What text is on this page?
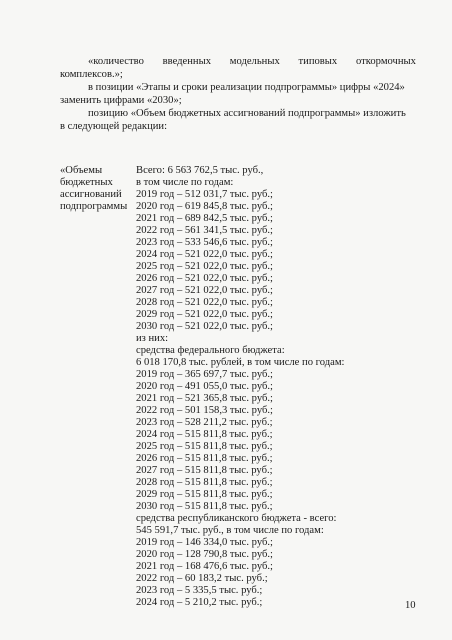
«количество введенных модельных типовых откормочных
комплексов.»;
в позиции «Этапы и сроки реализации подпрограммы» цифры «2024»
заменить цифрами «2030»;
позицию «Объем бюджетных ассигнований подпрограммы» изложить
в следующей редакции:
«Объемы
бюджетных
ассигнований
подпрограммы
Всего: 6 563 762,5 тыс. руб.,
в том числе по годам:
2019 год – 512 031,7 тыс. руб.;
2020 год – 619 845,8 тыс. руб.;
2021 год – 689 842,5 тыс. руб.;
2022 год – 561 341,5 тыс. руб.;
2023 год – 533 546,6 тыс. руб.;
2024 год – 521 022,0 тыс. руб.;
2025 год – 521 022,0 тыс. руб.;
2026 год – 521 022,0 тыс. руб.;
2027 год – 521 022,0 тыс. руб.;
2028 год – 521 022,0 тыс. руб.;
2029 год – 521 022,0 тыс. руб.;
2030 год – 521 022,0 тыс. руб.;
из них:
средства федерального бюджета:
6 018 170,8 тыс. рублей, в том числе по годам:
2019 год – 365 697,7 тыс. руб.;
2020 год – 491 055,0 тыс. руб.;
2021 год – 521 365,8 тыс. руб.;
2022 год – 501 158,3 тыс. руб.;
2023 год – 528 211,2 тыс. руб.;
2024 год – 515 811,8 тыс. руб.;
2025 год – 515 811,8 тыс. руб.;
2026 год – 515 811,8 тыс. руб.;
2027 год – 515 811,8 тыс. руб.;
2028 год – 515 811,8 тыс. руб.;
2029 год – 515 811,8 тыс. руб.;
2030 год – 515 811,8 тыс. руб.;
средства республиканского бюджета - всего:
545 591,7 тыс. руб., в том числе по годам:
2019 год – 146 334,0 тыс. руб.;
2020 год – 128 790,8 тыс. руб.;
2021 год – 168 476,6 тыс. руб.;
2022 год – 60 183,2 тыс. руб.;
2023 год – 5 335,5 тыс. руб.;
2024 год – 5 210,2 тыс. руб.;	10
